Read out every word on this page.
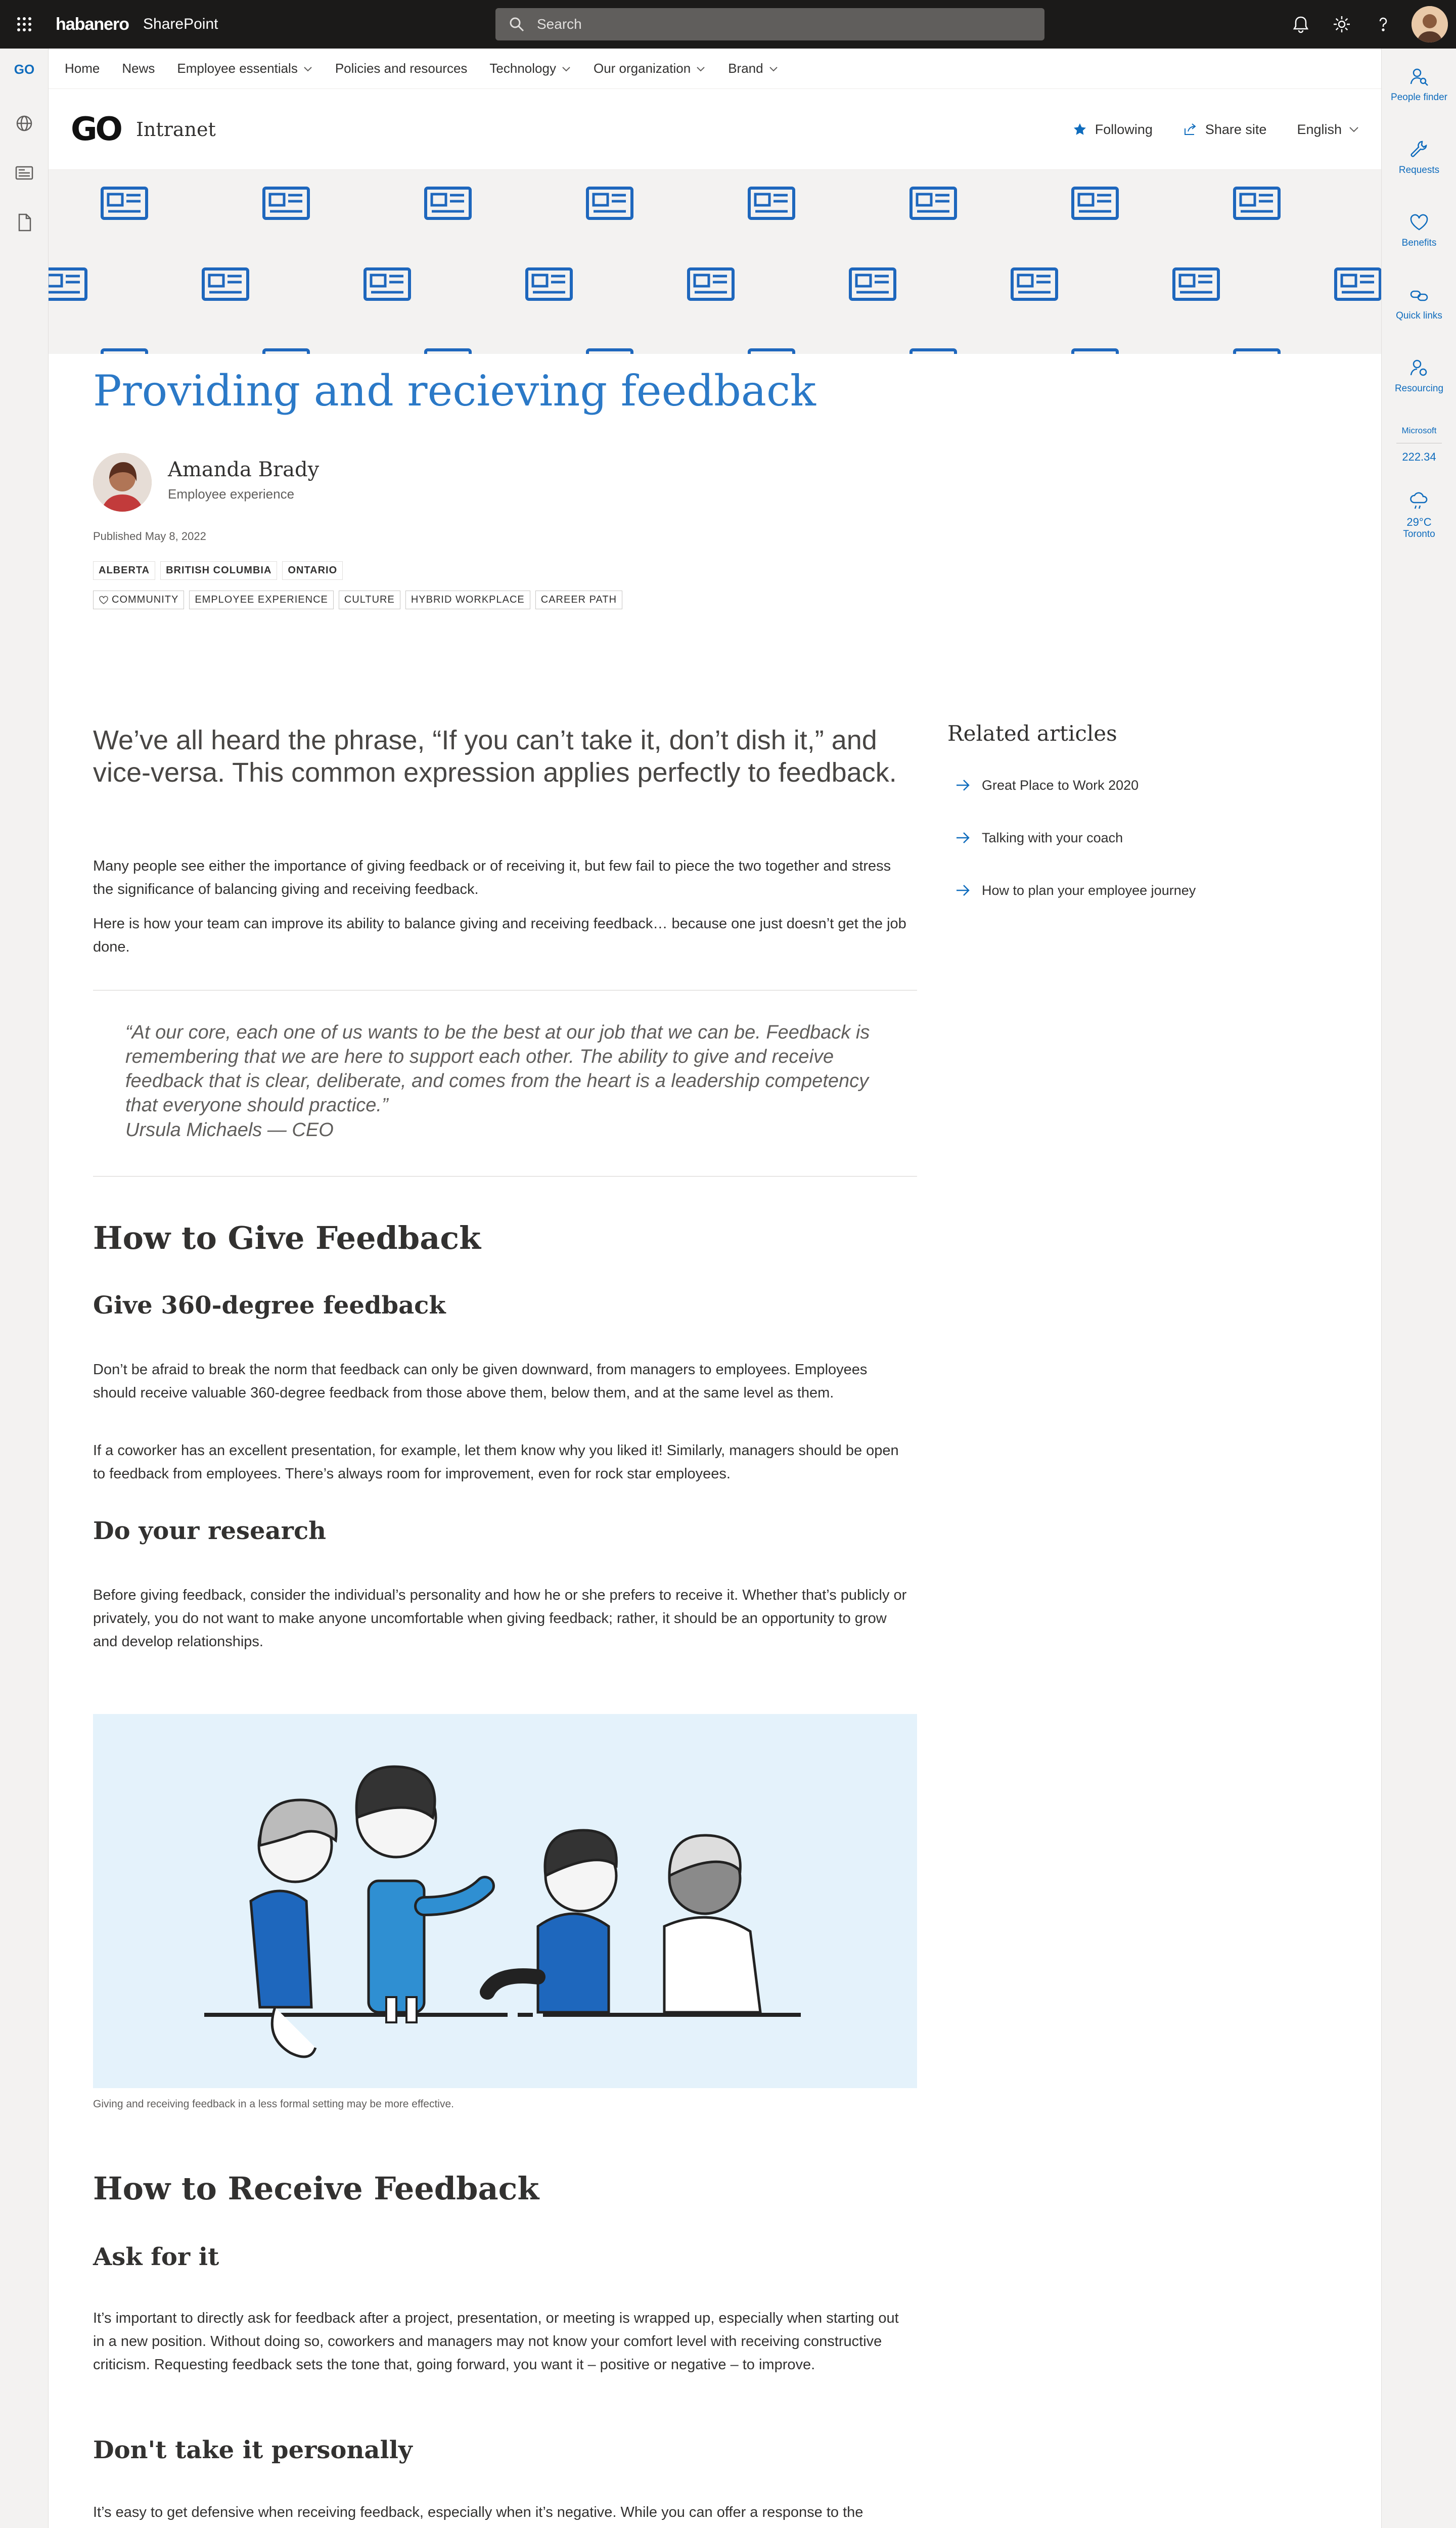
habanero SharePoint	Search
GO
People finder
Requests
Benefits
Quick links
Resourcing
Microsoft
222.34
29°C
Toronto
Home News Employee essentials	Policies and resources Technology	Our organization	Brand
GO Intranet	Following	Share site English
Providing and recieving feedback
Amanda Brady
Employee experience
Published May 8, 2022
ALBERTA	BRITISH COLUMBIA	ONTARIO
COMMUNITY	EMPLOYEE EXPERIENCE	CULTURE	HYBRID WORKPLACE	CAREER PATH
We’ve all heard the phrase, “If you can’t take it, don’t dish it,” and vice-versa. This common expression applies perfectly to feedback.

Many people see either the importance of giving feedback or of receiving it, but few fail to piece the two together and stress the significance of balancing giving and receiving feedback.

Here is how your team can improve its ability to balance giving and receiving feedback… because one just doesn’t get the job done.

“At our core, each one of us wants to be the best at our job that we can be. Feedback is remembering that we are here to support each other. The ability to give and receive feedback that is clear, deliberate, and comes from the heart is a leadership competency that everyone should practice.”
Ursula Michaels — CEO
How to Give Feedback
Give 360-degree feedback

Don’t be afraid to break the norm that feedback can only be given downward, from managers to employees. Employees should receive valuable 360-degree feedback from those above them, below them, and at the same level as them.

If a coworker has an excellent presentation, for example, let them know why you liked it! Similarly, managers should be open to feedback from employees. There’s always room for improvement, even for rock star employees.

Do your research

Before giving feedback, consider the individual’s personality and how he or she prefers to receive it. Whether that’s publicly or privately, you do not want to make anyone uncomfortable when giving feedback; rather, it should be an opportunity to grow and develop relationships.

Giving and receiving feedback in a less formal setting may be more effective.
How to Receive Feedback
Ask for it

It’s important to directly ask for feedback after a project, presentation, or meeting is wrapped up, especially when starting out in a new position. Without doing so, coworkers and managers may not know your comfort level with receiving constructive criticism. Requesting feedback sets the tone that, going forward, you want it – positive or negative – to improve.

Don't take it personally

It’s easy to get defensive when receiving feedback, especially when it’s negative. While you can offer a response to the

Related articles
Great Place to Work 2020
Talking with your coach
How to plan your employee journey
